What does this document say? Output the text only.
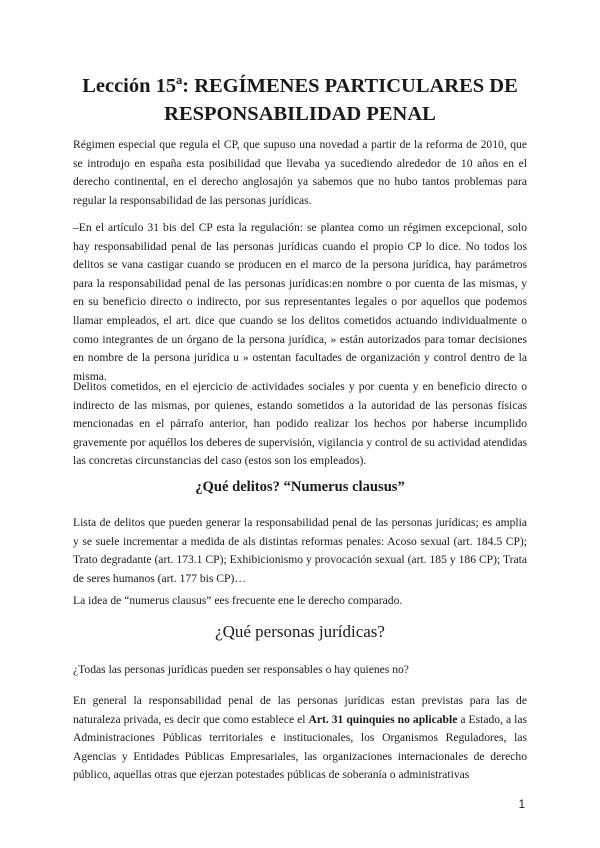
Lección 15ª: REGÍMENES PARTICULARES DE
RESPONSABILIDAD PENAL

Régimen especial que regula el CP, que supuso una novedad a partir de la reforma de 2010, que se introdujo en españa esta posibilidad que llevaba ya sucediendo alrededor de 10 años en el derecho continental, en el derecho anglosajón ya sabemos que no hubo tantos problemas para regular la responsabilidad de las personas jurídicas.

–En el artículo 31 bis del CP esta la regulación: se plantea como un régimen excepcional, solo hay responsabilidad penal de las personas jurídicas cuando el propio CP lo dice. No todos los delitos se vana castigar cuando se producen en el marco de la persona jurídica, hay parámetros para la responsabilidad penal de las personas jurídicas:en nombre o por cuenta de las mismas, y en su beneficio directo o indirecto, por sus representantes legales o por aquellos que podemos llamar empleados, el art. dice que cuando se los delitos cometidos actuando individualmente o como integrantes de un órgano de la persona jurídica, » están autorizados para tomar decisiones en nombre de la persona jurídica u » ostentan facultades de organización y control dentro de la misma.

Delitos cometidos, en el ejercicio de actividades sociales y por cuenta y en beneficio directo o indirecto de las mismas, por quienes, estando sometidos a la autoridad de las personas físicas mencionadas en el párrafo anterior, han podido realizar los hechos por haberse incumplido gravemente por aquéllos los deberes de supervisión, vigilancia y control de su actividad atendidas las concretas circunstancias del caso (estos son los empleados).

¿Qué delitos? “Numerus clausus”

Lista de delitos que pueden generar la responsabilidad penal de las personas jurídicas; es amplia y se suele incrementar a medida de als distintas reformas penales: Acoso sexual (art. 184.5 CP); Trato degradante (art. 173.1 CP); Exhibicionismo y provocación sexual (art. 185 y 186 CP); Trata de seres humanos (art. 177 bis CP)…

La idea de “numerus clausus” ees frecuente ene le derecho comparado.

¿Qué personas jurídicas?

¿Todas las personas jurídicas pueden ser responsables o hay quienes no?

En general la responsabilidad penal de las personas jurídicas estan previstas para las de naturaleza privada, es decir que como establece el Art. 31 quinquies no aplicable a Estado, a las Administraciones Públicas territoriales e institucionales, los Organismos Reguladores, las Agencias y Entidades Públicas Empresariales, las organizaciones internacionales de derecho público, aquellas otras que ejerzan potestades públicas de soberanía o administrativas

1
